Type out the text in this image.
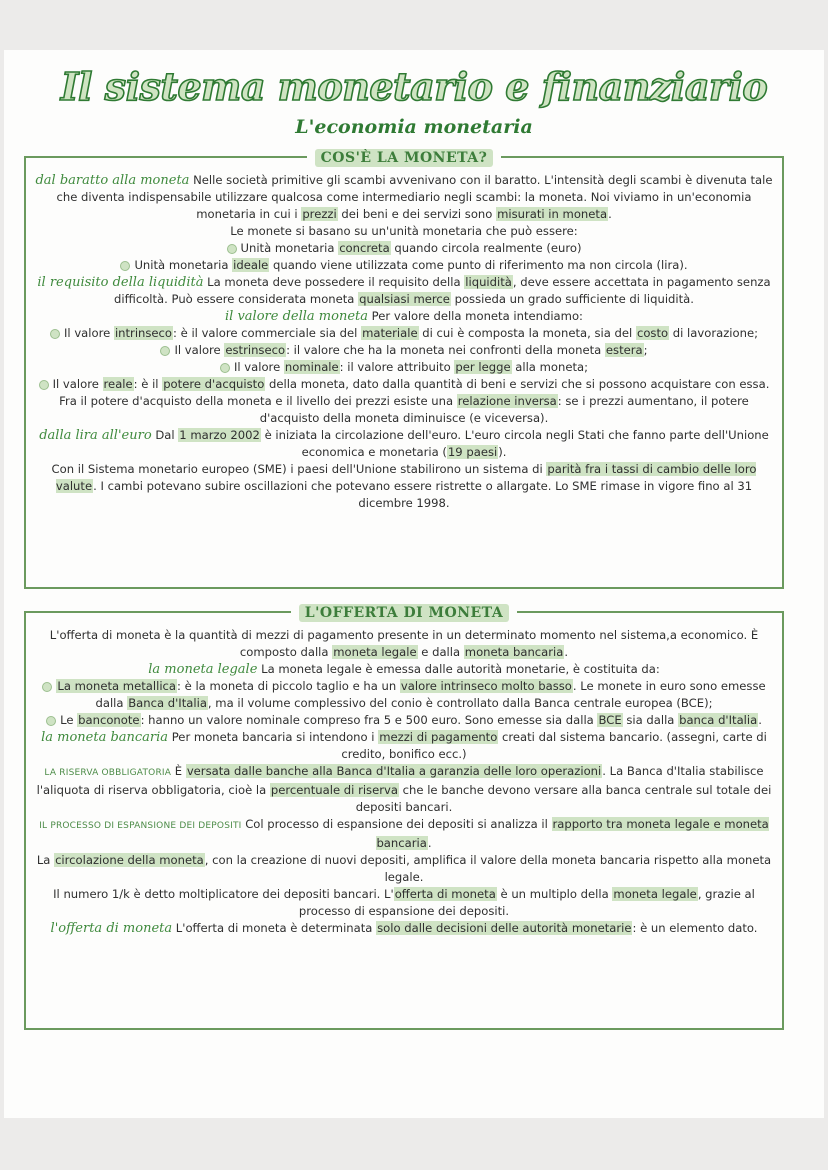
Il sistema monetario e finanziario
L'economia monetaria
COS'È LA MONETA?

dal baratto alla moneta Nelle società primitive gli scambi avvenivano con il baratto. L'intensità degli scambi è divenuta tale che diventa indispensabile utilizzare qualcosa come intermediario negli scambi: la moneta. Noi viviamo in un'economia monetaria in cui i prezzi dei beni e dei servizi sono misurati in moneta.

Le monete si basano su un'unità monetaria che può essere:

Unità monetaria concreta quando circola realmente (euro)

Unità monetaria ideale quando viene utilizzata come punto di riferimento ma non circola (lira).

il requisito della liquidità La moneta deve possedere il requisito della liquidità, deve essere accettata in pagamento senza difficoltà. Può essere considerata moneta qualsiasi merce possieda un grado sufficiente di liquidità.

il valore della moneta Per valore della moneta intendiamo:

Il valore intrinseco: è il valore commerciale sia del materiale di cui è composta la moneta, sia del costo di lavorazione;

Il valore estrinseco: il valore che ha la moneta nei confronti della moneta estera;

Il valore nominale: il valore attribuito per legge alla moneta;

Il valore reale: è il potere d'acquisto della moneta, dato dalla quantità di beni e servizi che si possono acquistare con essa. Fra il potere d'acquisto della moneta e il livello dei prezzi esiste una relazione inversa: se i prezzi aumentano, il potere d'acquisto della moneta diminuisce (e viceversa).

dalla lira all'euro Dal 1 marzo 2002 è iniziata la circolazione dell'euro. L'euro circola negli Stati che fanno parte dell'Unione economica e monetaria (19 paesi).

Con il Sistema monetario europeo (SME) i paesi dell'Unione stabilirono un sistema di parità fra i tassi di cambio delle loro valute. I cambi potevano subire oscillazioni che potevano essere ristrette o allargate. Lo SME rimase in vigore fino al 31 dicembre 1998.

L'OFFERTA DI MONETA

L'offerta di moneta è la quantità di mezzi di pagamento presente in un determinato momento nel sistema,a economico. È composto dalla moneta legale e dalla moneta bancaria.

la moneta legale La moneta legale è emessa dalle autorità monetarie, è costituita da:

La moneta metallica: è la moneta di piccolo taglio e ha un valore intrinseco molto basso. Le monete in euro sono emesse dalla Banca d'Italia, ma il volume complessivo del conio è controllato dalla Banca centrale europea (BCE);

Le banconote: hanno un valore nominale compreso fra 5 e 500 euro. Sono emesse sia dalla BCE sia dalla banca d'Italia.

la moneta bancaria Per moneta bancaria si intendono i mezzi di pagamento creati dal sistema bancario. (assegni, carte di credito, bonifico ecc.)

LA RISERVA OBBLIGATORIA È versata dalle banche alla Banca d'Italia a garanzia delle loro operazioni. La Banca d'Italia stabilisce l'aliquota di riserva obbligatoria, cioè la percentuale di riserva che le banche devono versare alla banca centrale sul totale dei depositi bancari.

IL PROCESSO DI ESPANSIONE DEI DEPOSITI Col processo di espansione dei depositi si analizza il rapporto tra moneta legale e moneta bancaria.

La circolazione della moneta, con la creazione di nuovi depositi, amplifica il valore della moneta bancaria rispetto alla moneta legale.

Il numero 1/k è detto moltiplicatore dei depositi bancari. L'offerta di moneta è un multiplo della moneta legale, grazie al processo di espansione dei depositi.

l'offerta di moneta L'offerta di moneta è determinata solo dalle decisioni delle autorità monetarie: è un elemento dato.
